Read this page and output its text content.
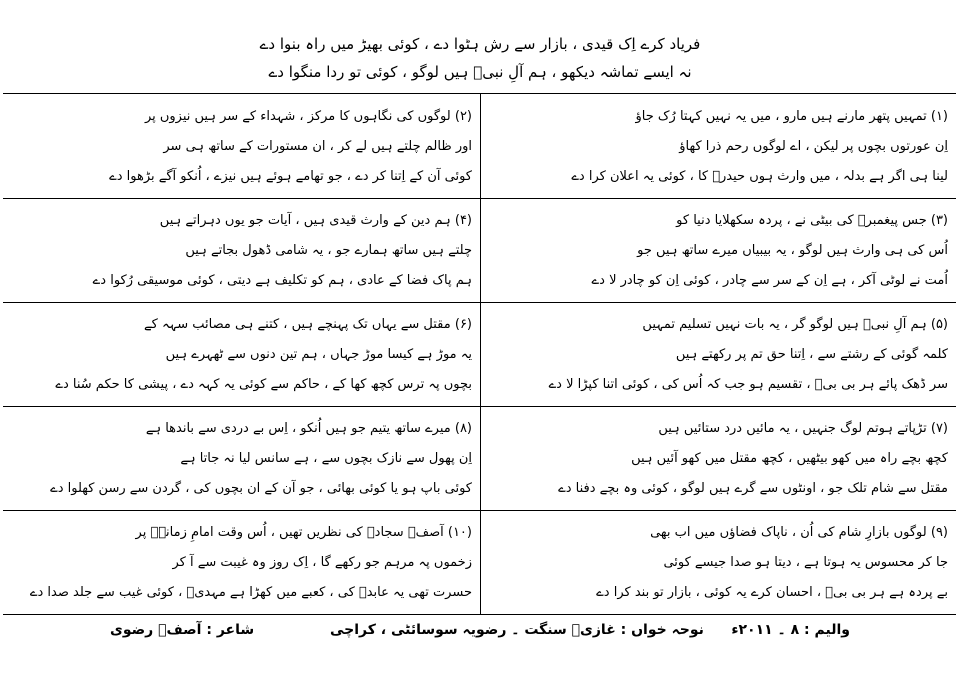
فریاد کرے اِک قیدی ، بازار سے رش ہٹوا دے ، کوئی بھیڑ میں راہ بنوا دے
نہ ایسے تماشہ دیکھو ، ہم آلِ نبیؐ ہیں لوگو ، کوئی تو ردا منگوا دے
(۱) تمہیں پتھر مارنے ہیں مارو ، میں یہ نہیں کہتا رُک جاؤ
اِن عورتوں بچوں پر لیکن ، اے لوگوں رحم ذرا کھاؤ
لینا ہی اگر ہے بدلہ ، میں وارث ہوں حیدرؑ کا ، کوئی یہ اعلان کرا دے
(۲) لوگوں کی نگاہوں کا مرکز ، شہداء کے سر ہیں نیزوں پر
اور ظالم چلتے ہیں لے کر ، ان مستورات کے ساتھ ہی سر
کوئی آن کے اِتنا کر دے ، جو تھامے ہوئے ہیں نیزے ، اُنکو آگے بڑھوا دے
(۳) جس پیغمبرؐ کی بیٹی نے ، پردہ سکھلایا دنیا کو
اُس کی ہی وارث ہیں لوگو ، یہ بیبیاں میرے ساتھ ہیں جو
اُمت نے لوٹی آکر ، ہے اِن کے سر سے چادر ، کوئی اِن کو چادر لا دے
(۴) ہم دین کے وارث قیدی ہیں ، آیات جو یوں دہراتے ہیں
چلتے ہیں ساتھ ہمارے جو ، یہ شامی ڈھول بجاتے ہیں
ہم پاک فضا کے عادی ، ہم کو تکلیف ہے دیتی ، کوئی موسیقی رُکوا دے
(۵) ہم آلِ نبیؐ ہیں لوگو گر ، یہ بات نہیں تسلیم تمہیں
کلمہ گوئی کے رشتے سے ، اِتنا حق تم پر رکھتے ہیں
سر ڈھک پائے ہر بی بیؑ ، تقسیم ہو جب کہ اُس کی ، کوئی اتنا کپڑا لا دے
(۶) مقتل سے یہاں تک پہنچے ہیں ، کتنے ہی مصائب سہہ کے
یہ موڑ ہے کیسا موڑ جہاں ، ہم تین دنوں سے ٹھہرے ہیں
بچوں پہ ترس کچھ کھا کے ، حاکم سے کوئی یہ کہہ دے ، پیشی کا حکم سُنا دے
(۷) تڑپاتے ہوتم لوگ جنہیں ، یہ مائیں درد ستائیں ہیں
کچھ بچے راہ میں کھو بیٹھیں ، کچھ مقتل میں کھو آئیں ہیں
مقتل سے شام تلک جو ، اونٹوں سے گرے ہیں لوگو ، کوئی وہ بچے دفنا دے
(۸) میرے ساتھ یتیم جو ہیں اُنکو ، اِس بے دردی سے باندھا ہے
اِن پھول سے نازک بچوں سے ، ہے سانس لیا نہ جاتا ہے
کوئی باپ ہو یا کوئی بھائی ، جو آن کے ان بچوں کی ، گردن سے رسن کھلوا دے
(۹) لوگوں بازارِ شام کی اُن ، ناپاک فضاؤں میں اب بھی
جا کر محسوس یہ ہوتا ہے ، دیتا ہو صدا جیسے کوئی
بے پردہ ہے ہر بی بیؑ ، احسان کرے یہ کوئی ، بازار تو بند کرا دے
(۱۰) آصفؔ سجادؑ کی نظریں تھیں ، اُس وقت امامِ زمانہؑ پر
زخموں پہ مرہم جو رکھے گا ، اِک روز وہ غیبت سے آ کر
حسرت تھی یہ عابدؑ کی ، کعبے میں کھڑا ہے مہدیؑ ، کوئی غیب سے جلد صدا دے
والیم : ۸ ۔ ۲۰۱۱ء
نوحہ خواں : غازیؑ سنگت ۔ رضویہ سوسائٹی ، کراچی
شاعر : آصفؔ رضوی
